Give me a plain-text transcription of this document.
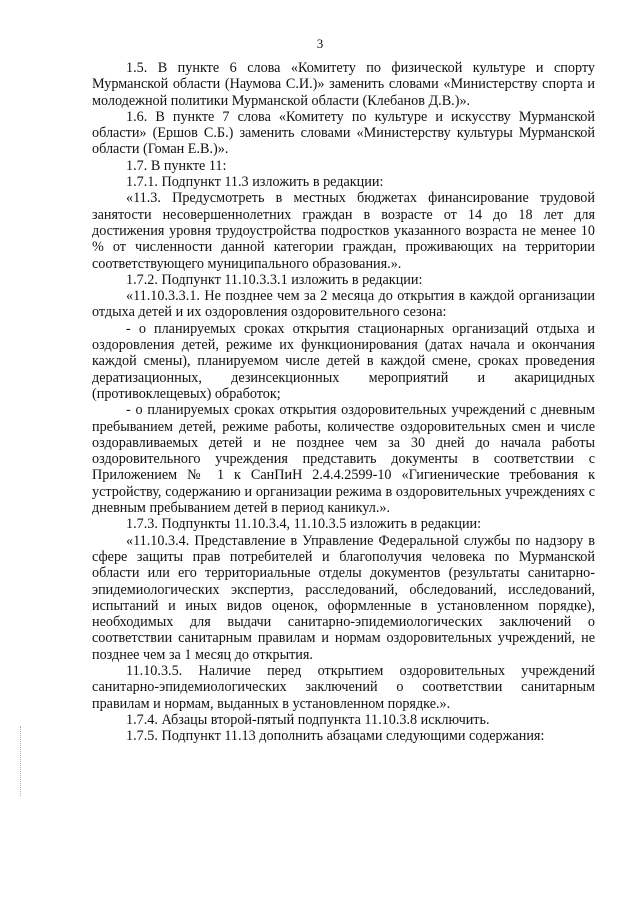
3

1.5. В пункте 6 слова «Комитету по физической культуре и спорту Мурманской области (Наумова С.И.)» заменить словами «Министерству спорта и молодежной политики Мурманской области (Клебанов Д.В.)».

1.6. В пункте 7 слова «Комитету по культуре и искусству Мурманской области» (Ершов С.Б.) заменить словами «Министерству культуры Мурманской области (Гоман Е.В.)».

1.7. В пункте 11:

1.7.1. Подпункт 11.3 изложить в редакции:

«11.3. Предусмотреть в местных бюджетах финансирование трудовой занятости несовершеннолетних граждан в возрасте от 14 до 18 лет для достижения уровня трудоустройства подростков указанного возраста не менее 10 % от численности данной категории граждан, проживающих на территории соответствующего муниципального образования.».

1.7.2. Подпункт 11.10.3.3.1 изложить в редакции:

«11.10.3.3.1. Не позднее чем за 2 месяца до открытия в каждой организации отдыха детей и их оздоровления оздоровительного сезона:

- о планируемых сроках открытия стационарных организаций отдыха и оздоровления детей, режиме их функционирования (датах начала и окончания каждой смены), планируемом числе детей в каждой смене, сроках проведения дератизационных, дезинсекционных мероприятий и акарицидных (противоклещевых) обработок;

- о планируемых сроках открытия оздоровительных учреждений с дневным пребыванием детей, режиме работы, количестве оздоровительных смен и числе оздоравливаемых детей и не позднее чем за 30 дней до начала работы оздоровительного учреждения представить документы в соответствии с Приложением № 1 к СанПиН 2.4.4.2599-10 «Гигиенические требования к устройству, содержанию и организации режима в оздоровительных учреждениях с дневным пребыванием детей в период каникул.».

1.7.3. Подпункты 11.10.3.4, 11.10.3.5 изложить в редакции:

«11.10.3.4. Представление в Управление Федеральной службы по надзору в сфере защиты прав потребителей и благополучия человека по Мурманской области или его территориальные отделы документов (результаты санитарно-эпидемиологических экспертиз, расследований, обследований, исследований, испытаний и иных видов оценок, оформленные в установленном порядке), необходимых для выдачи санитарно-эпидемиологических заключений о соответствии санитарным правилам и нормам оздоровительных учреждений, не позднее чем за 1 месяц до открытия.

11.10.3.5. Наличие перед открытием оздоровительных учреждений санитарно-эпидемиологических заключений о соответствии санитарным правилам и нормам, выданных в установленном порядке.».

1.7.4. Абзацы второй-пятый подпункта 11.10.3.8 исключить.

1.7.5. Подпункт 11.13 дополнить абзацами следующими содержания:
